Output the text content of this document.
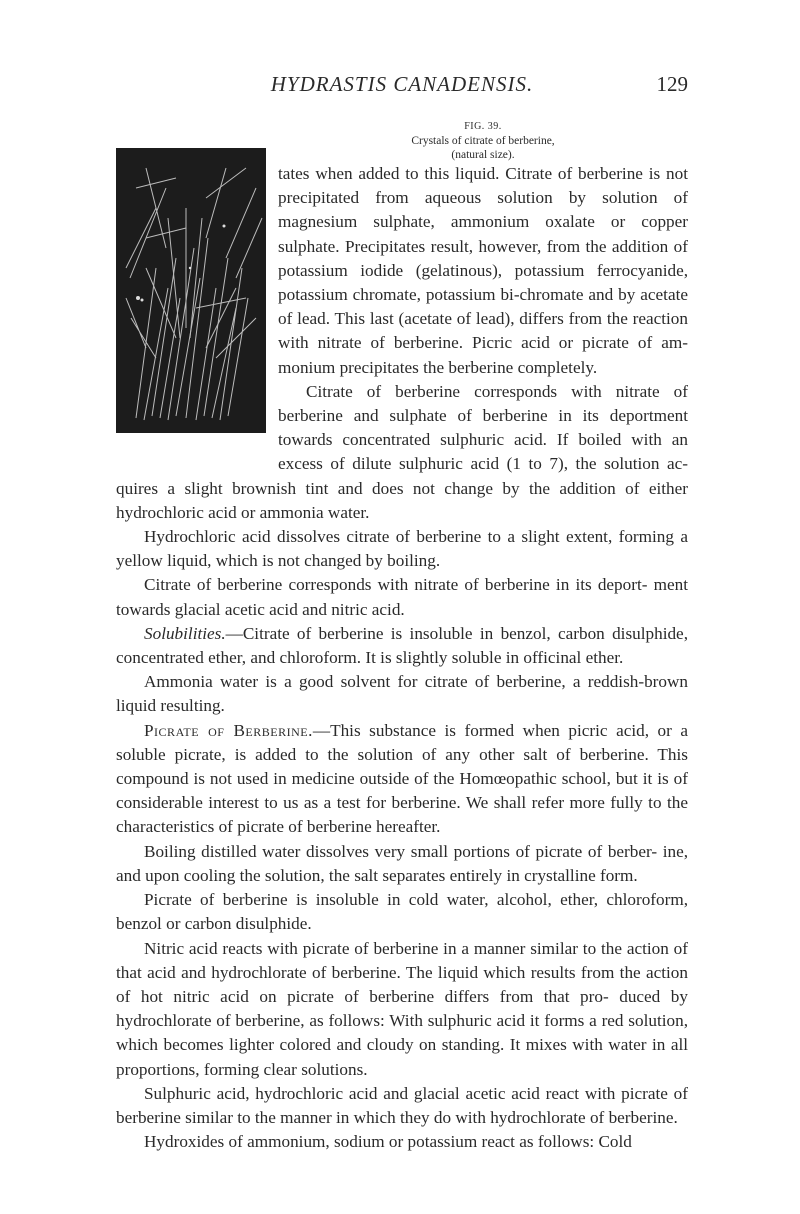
HYDRASTIS CANADENSIS.	129

FIG. 39.
Crystals of citrate of berberine,
(natural size).
tates when added to this liquid. Citrate of berberine is not precipitated from aqueous solution by solution of magnesium sulphate, ammonium oxalate or copper sulphate. Precipitates result, however, from the addition of potassium iodide (gelatinous), potassium ferrocyanide, potassium chromate, potassium bi-chromate and by acetate of lead. This last (acetate of lead), differs from the reaction with nitrate of berberine. Picric acid or picrate of am- monium precipitates the berberine completely.

Citrate of berberine corresponds with nitrate of berberine and sulphate of berberine in its deportment towards concentrated sulphuric acid. If boiled with an excess of dilute sulphuric acid (1 to 7), the solution ac- quires a slight brownish tint and does not change by the addition of either hydrochloric acid or ammonia water.

Hydrochloric acid dissolves citrate of berberine to a slight extent, forming a yellow liquid, which is not changed by boiling.

Citrate of berberine corresponds with nitrate of berberine in its deport- ment towards glacial acetic acid and nitric acid.

Solubilities.—Citrate of berberine is insoluble in benzol, carbon disulphide, concentrated ether, and chloroform. It is slightly soluble in officinal ether.

Ammonia water is a good solvent for citrate of berberine, a reddish-brown liquid resulting.

Picrate of Berberine.—This substance is formed when picric acid, or a soluble picrate, is added to the solution of any other salt of berberine. This compound is not used in medicine outside of the Homœopathic school, but it is of considerable interest to us as a test for berberine. We shall refer more fully to the characteristics of picrate of berberine hereafter.

Boiling distilled water dissolves very small portions of picrate of berber- ine, and upon cooling the solution, the salt separates entirely in crystalline form.

Picrate of berberine is insoluble in cold water, alcohol, ether, chloroform, benzol or carbon disulphide.

Nitric acid reacts with picrate of berberine in a manner similar to the action of that acid and hydrochlorate of berberine. The liquid which results from the action of hot nitric acid on picrate of berberine differs from that pro- duced by hydrochlorate of berberine, as follows: With sulphuric acid it forms a red solution, which becomes lighter colored and cloudy on standing. It mixes with water in all proportions, forming clear solutions.

Sulphuric acid, hydrochloric acid and glacial acetic acid react with picrate of berberine similar to the manner in which they do with hydrochlorate of berberine.

Hydroxides of ammonium, sodium or potassium react as follows: Cold
